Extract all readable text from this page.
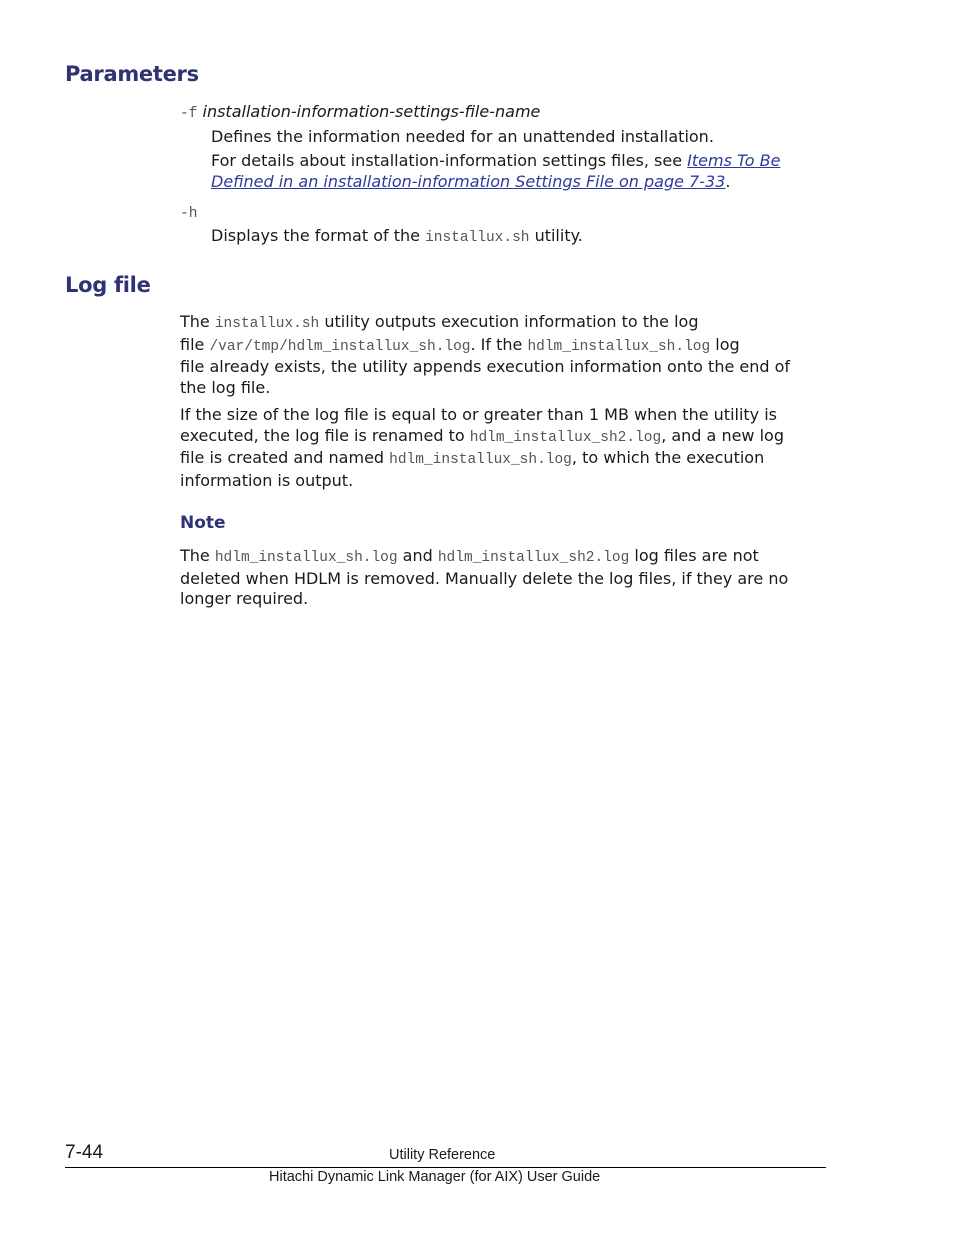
Parameters
-f installation-information-settings-file-name
Defines the information needed for an unattended installation.
For details about installation-information settings files, see Items To Be
Defined in an installation-information Settings File on page 7-33.
-h
Displays the format of the installux.sh utility.
Log file
The installux.sh utility outputs execution information to the log
file /var/tmp/hdlm_installux_sh.log. If the hdlm_installux_sh.log log
file already exists, the utility appends execution information onto the end of
the log file.
If the size of the log file is equal to or greater than 1 MB when the utility is
executed, the log file is renamed to hdlm_installux_sh2.log, and a new log
file is created and named hdlm_installux_sh.log, to which the execution
information is output.
Note
The hdlm_installux_sh.log and hdlm_installux_sh2.log log files are not
deleted when HDLM is removed. Manually delete the log files, if they are no
longer required.
7-44	Utility Reference
Hitachi Dynamic Link Manager (for AIX) User Guide
